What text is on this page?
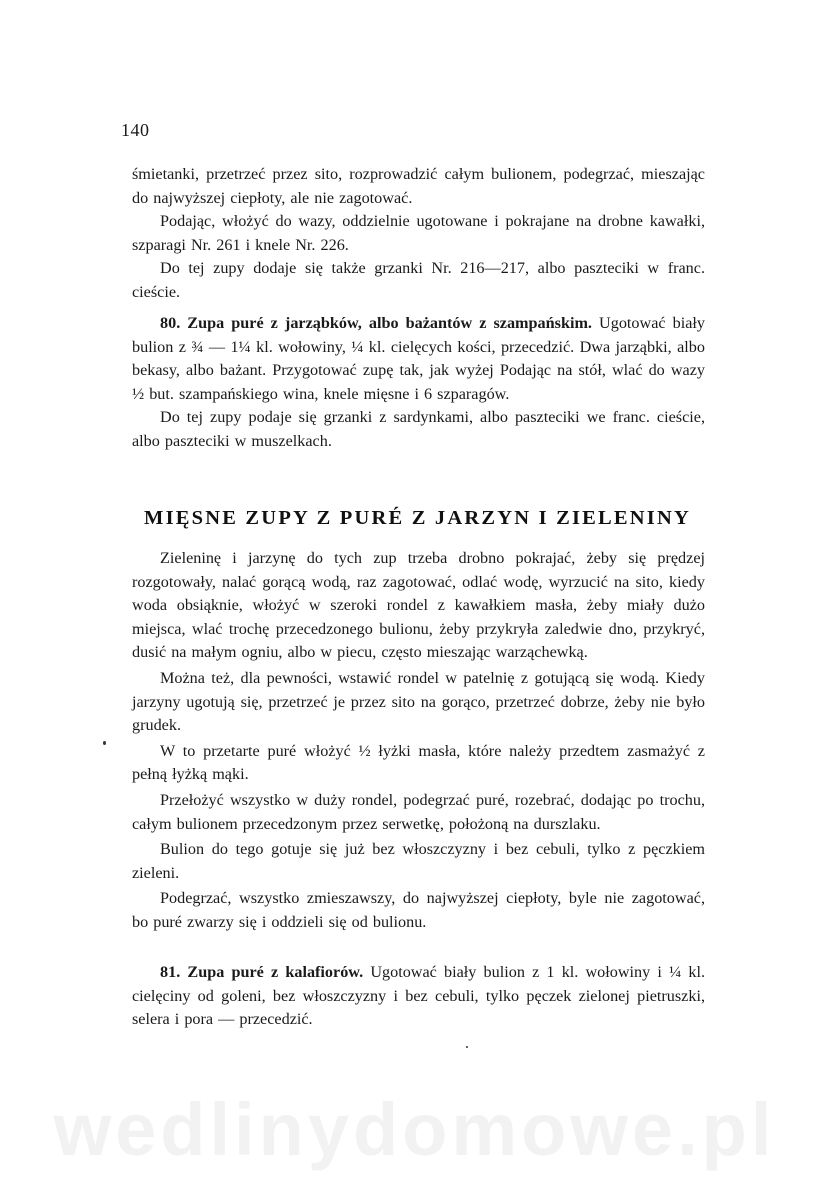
140

śmietanki, przetrzeć przez sito, rozprowadzić całym bulionem, podegrzać, mieszając do najwyższej ciepłoty, ale nie zagotować.

Podając, włożyć do wazy, oddzielnie ugotowane i pokrajane na drobne kawałki, szparagi Nr. 261 i knele Nr. 226.

Do tej zupy dodaje się także grzanki Nr. 216—217, albo paszteciki w franc. cieście.

80. Zupa puré z jarząbków, albo bażantów z szampańskim. Ugotować biały bulion z ¾ — 1¼ kl. wołowiny, ¼ kl. cielęcych kości, przecedzić. Dwa jarząbki, albo bekasy, albo bażant. Przygotować zupę tak, jak wyżej Podając na stół, wlać do wazy ½ but. szampańskiego wina, knele mięsne i 6 szparagów.

Do tej zupy podaje się grzanki z sardynkami, albo paszteciki we franc. cieście, albo paszteciki w muszelkach.

MIĘSNE ZUPY Z PURÉ Z JARZYN I ZIELENINY

Zieleninę i jarzynę do tych zup trzeba drobno pokrajać, żeby się prędzej rozgotowały, nalać gorącą wodą, raz zagotować, odlać wodę, wyrzucić na sito, kiedy woda obsiąknie, włożyć w szeroki rondel z kawałkiem masła, żeby miały dużo miejsca, wlać trochę przecedzonego bulionu, żeby przykryła zaledwie dno, przykryć, dusić na małym ogniu, albo w piecu, często mieszając warząchewką.

Można też, dla pewności, wstawić rondel w patelnię z gotującą się wodą. Kiedy jarzyny ugotują się, przetrzeć je przez sito na gorąco, przetrzeć dobrze, żeby nie było grudek.

W to przetarte puré włożyć ½ łyżki masła, które należy przedtem zasmażyć z pełną łyżką mąki.

Przełożyć wszystko w duży rondel, podegrzać puré, rozebrać, dodając po trochu, całym bulionem przecedzonym przez serwetkę, położoną na durszlaku.

Bulion do tego gotuje się już bez włoszczyzny i bez cebuli, tylko z pęczkiem zieleni.

Podegrzać, wszystko zmieszawszy, do najwyższej ciepłoty, byle nie zagotować, bo puré zwarzy się i oddzieli się od bulionu.

81. Zupa puré z kalafiorów. Ugotować biały bulion z 1 kl. wołowiny i ¼ kl. cielęciny od goleni, bez włoszczyzny i bez cebuli, tylko pęczek zielonej pietruszki, selera i pora — przecedzić.

wedlinydomowe.pl
